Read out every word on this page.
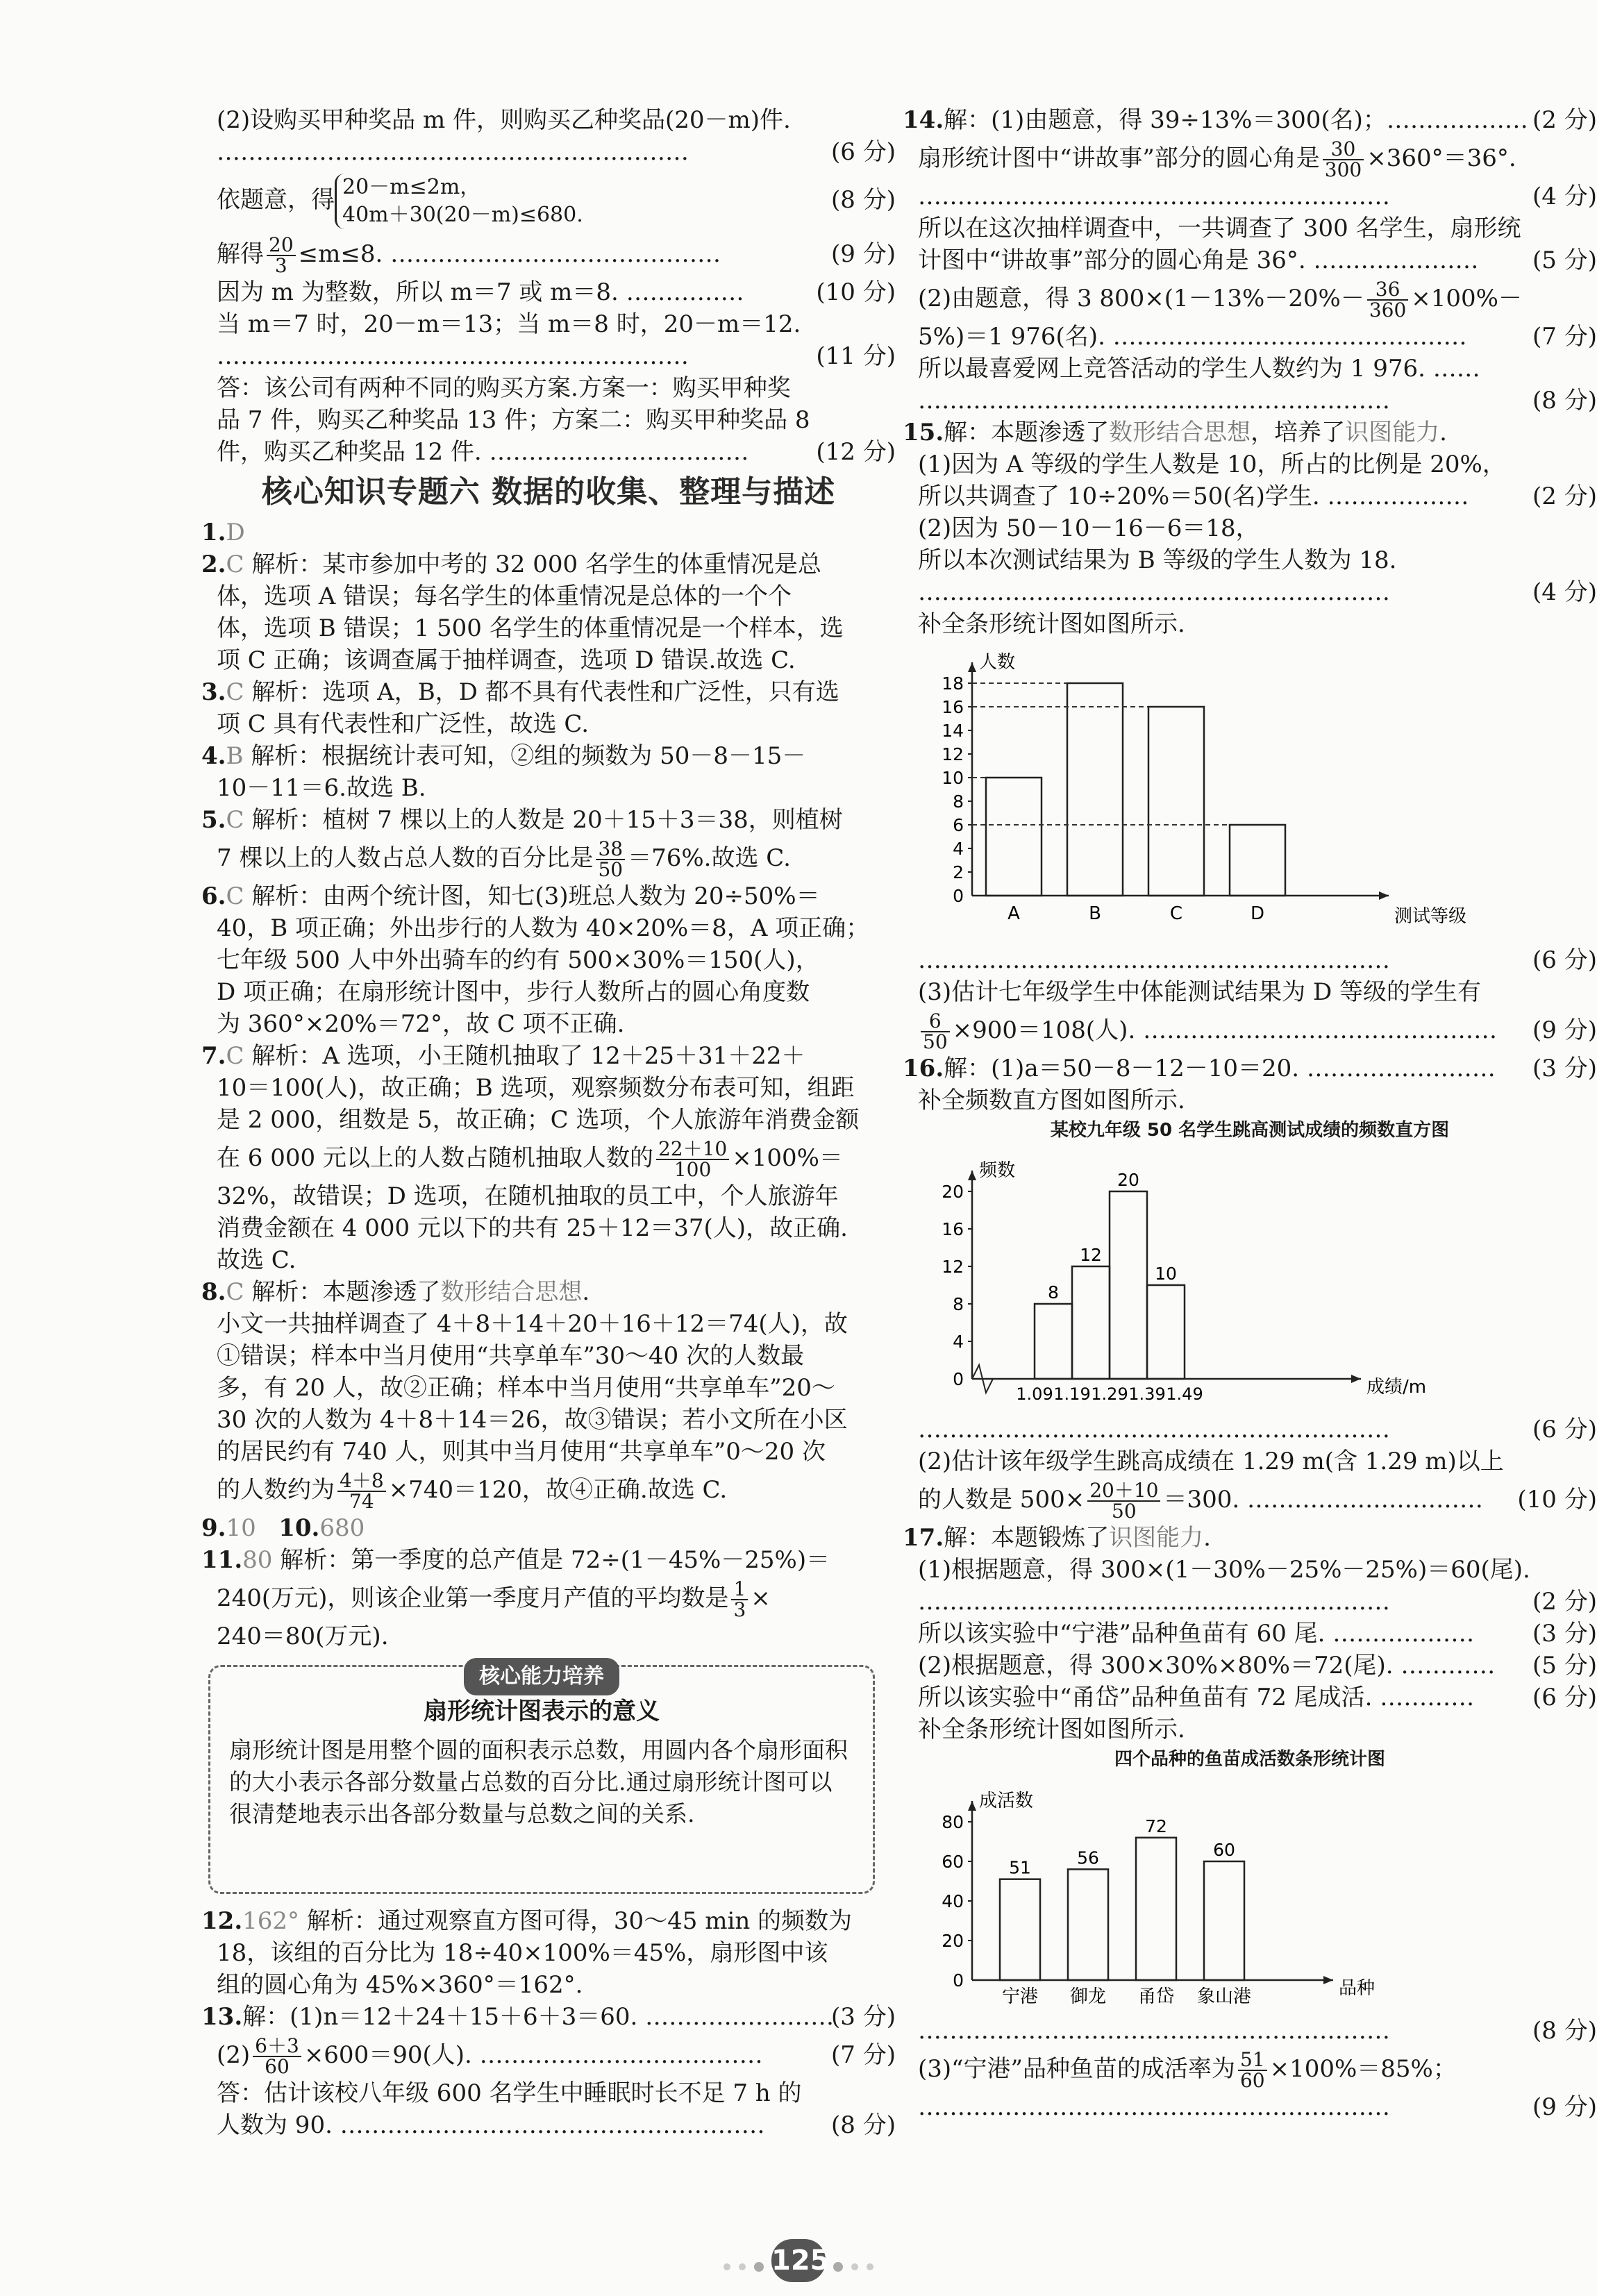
(2)设购买甲种奖品 m 件，则购买乙种奖品(20－m)件.
……………………………………………………	(6 分)
依题意，得 20－m≤2m，
40m＋30(20－m)≤680.
(8 分)
解得 $\frac{20}{3} \le m\le 8$. ……………………………………	(9 分)
因为 m 为整数，所以 m＝7 或 m＝8. ……………	(10 分)
当 m＝7 时，20－m＝13；当 m＝8 时，20－m＝12.
……………………………………………………	(11 分)
答：该公司有两种不同的购买方案.方案一：购买甲种奖
品 7 件，购买乙种奖品 13 件；方案二：购买甲种奖品 8
件，购买乙种奖品 12 件. ……………………………	(12 分)
核心知识专题六 数据的收集、整理与描述
1.D
2.C 解析：某市参加中考的 32 000 名学生的体重情况是总
体，选项 A 错误；每名学生的体重情况是总体的一个个
体，选项 B 错误；1 500 名学生的体重情况是一个样本，选
项 C 正确；该调查属于抽样调查，选项 D 错误.故选 C.
3.C 解析：选项 A，B，D 都不具有代表性和广泛性，只有选
项 C 具有代表性和广泛性，故选 C.
4.B 解析：根据统计表可知，②组的频数为 50－8－15－
10－11＝6.故选 B.
5.C 解析：植树 7 棵以上的人数是 20＋15＋3＝38，则植树
7 棵以上的人数占总人数的百分比是 $\frac{38}{50} =76\%$.故选 C.
6.C 解析：由两个统计图，知七(3)班总人数为 20÷50%＝
40，B 项正确；外出步行的人数为 40×20%＝8，A 项正确；
七年级 500 人中外出骑车的约有 500×30%＝150(人)，
D 项正确；在扇形统计图中，步行人数所占的圆心角度数
为 360°×20%＝72°，故 C 项不正确.
7.C 解析：A 选项，小王随机抽取了 12＋25＋31＋22＋
10＝100(人)，故正确；B 选项，观察频数分布表可知，组距
是 2 000，组数是 5，故正确；C 选项，个人旅游年消费金额
在 6 000 元以上的人数占随机抽取人数的 $\frac{22+10}{100} \times 100\%=$
32%，故错误；D 选项，在随机抽取的员工中，个人旅游年
消费金额在 4 000 元以下的共有 25＋12＝37(人)，故正确.
故选 C.
8.C 解析：本题渗透了数形结合思想.
小文一共抽样调查了 4＋8＋14＋20＋16＋12＝74(人)，故
①错误；样本中当月使用“共享单车”30～40 次的人数最
多，有 20 人，故②正确；样本中当月使用“共享单车”20～
30 次的人数为 4＋8＋14＝26，故③错误；若小文所在小区
的居民约有 740 人，则其中当月使用“共享单车”0～20 次
的人数约为 $\frac{4+8}{74} \times 740=120$，故④正确.故选 C.
9.10 10.680
11.80 解析：第一季度的总产值是 72÷(1－45%－25%)＝
240(万元)，则该企业第一季度月产值的平均数是 $\frac{1}{3}$ ×
240＝80(万元).
核心能力培养
扇形统计图表示的意义
扇形统计图是用整个圆的面积表示总数，用圆内各个扇形面积的大小表示各部分数量占总数的百分比.通过扇形统计图可以很清楚地表示出各部分数量与总数之间的关系.
12.162° 解析：通过观察直方图可得，30～45 min 的频数为
18，该组的百分比为 18÷40×100%＝45%，扇形图中该
组的圆心角为 45%×360°＝162°.
13.解：(1)n＝12＋24＋15＋6＋3＝60. ……………………
(3 分)
$(2) \frac{6+3}{60} \times 600=90$(人). ………………………………	(7 分)
答：估计该校八年级 600 名学生中睡眠时长不足 7 h 的
人数为 90. ………………………………………………	(8 分)
14.解：(1)由题意，得 39÷13%＝300(名)；……………… (2 分)
扇形统计图中“讲故事”部分的圆心角是 $\frac{30}{300} \times 360^\circ=36^\circ$.
……………………………………………………	(4 分)
所以在这次抽样调查中，一共调查了 300 名学生，扇形统
计图中“讲故事”部分的圆心角是 36°. ………………… (5 分)
(2)由题意，得 3 $800\times(1-13\%-20\%- \frac{36}{360} \times 100\%-$
5%)＝1 976(名). ………………………………………	(7 分)
所以最喜爱网上竞答活动的学生人数约为 1 976. ……
……………………………………………………	(8 分)
15.解：本题渗透了数形结合思想，培养了识图能力.
(1)因为 A 等级的学生人数是 10，所占的比例是 20%，
所以共调查了 10÷20%＝50(名)学生. ………………	(2 分)
(2)因为 50－10－16－6＝18，
所以本次测试结果为 B 等级的学生人数为 18.
……………………………………………………	(4 分)
补全条形统计图如图所示.
人数
测试等级
0
2
4
6
8
10
12
14
16
18
A	B	C	D
……………………………………………………	(6 分)
(3)估计七年级学生中体能测试结果为 D 等级的学生有
$\frac{6}{50} \times 900=108$(人). ……………………………………… (9 分)
16.解：(1)a＝50－8－12－10＝20. …………………… (3 分)
补全频数直方图如图所示.
某校九年级 50 名学生跳高测试成绩的频数直方图
频数
成绩/m
0
4
8
12
16
20
8
12
20
10
1.09 1.19 1.29 1.39 1.49
……………………………………………………	(6 分)
(2)估计该年级学生跳高成绩在 1.29 m(含 1.29 m)以上
的人数是 $500\times \frac{20+10}{50} =300$. ………………………… (10 分)
17.解：本题锻炼了识图能力.
(1)根据题意，得 300×(1－30%－25%－25%)＝60(尾).
……………………………………………………	(2 分)
所以该实验中“宁港”品种鱼苗有 60 尾. ……………… (3 分)
(2)根据题意，得 300×30%×80%＝72(尾). ………… (5 分)
所以该实验中“甬岱”品种鱼苗有 72 尾成活. ………… (6 分)
补全条形统计图如图所示.
四个品种的鱼苗成活数条形统计图
成活数
品种
0
20
40
60
80
51
宁港
56
御龙
72
甬岱
60
象山港
……………………………………………………	(8 分)
(3)“宁港”品种鱼苗的成活率为 $\frac{51}{60} \times 100\%=85\%$；
……………………………………………………	(9 分)
125
